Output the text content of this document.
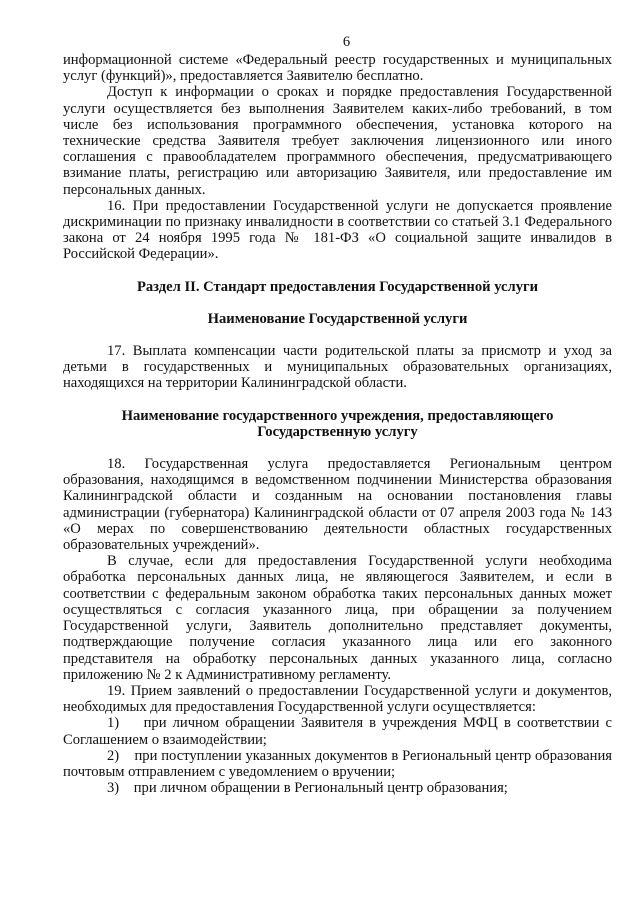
6

информационной системе «Федеральный реестр государственных и муниципальных услуг (функций)», предоставляется Заявителю бесплатно.

Доступ к информации о сроках и порядке предоставления Государственной услуги осуществляется без выполнения Заявителем каких-либо требований, в том числе без использования программного обеспечения, установка которого на технические средства Заявителя требует заключения лицензионного или иного соглашения с правообладателем программного обеспечения, предусматривающего взимание платы, регистрацию или авторизацию Заявителя, или предоставление им персональных данных.

16. При предоставлении Государственной услуги не допускается проявление дискриминации по признаку инвалидности в соответствии со статьей 3.1 Федерального закона от 24 ноября 1995 года № 181-ФЗ «О социальной защите инвалидов в Российской Федерации».

Раздел II. Стандарт предоставления Государственной услуги
Наименование Государственной услуги

17. Выплата компенсации части родительской платы за присмотр и уход за детьми в государственных и муниципальных образовательных организациях, находящихся на территории Калининградской области.

Наименование государственного учреждения, предоставляющего
Государственную услугу

18. Государственная услуга предоставляется Региональным центром образования, находящимся в ведомственном подчинении Министерства образования Калининградской области и созданным на основании постановления главы администрации (губернатора) Калининградской области от 07 апреля 2003 года № 143 «О мерах по совершенствованию деятельности областных государственных образовательных учреждений».

В случае, если для предоставления Государственной услуги необходима обработка персональных данных лица, не являющегося Заявителем, и если в соответствии с федеральным законом обработка таких персональных данных может осуществляться с согласия указанного лица, при обращении за получением Государственной услуги, Заявитель дополнительно представляет документы, подтверждающие получение согласия указанного лица или его законного представителя на обработку персональных данных указанного лица, согласно приложению № 2 к Административному регламенту.

19. Прием заявлений о предоставлении Государственной услуги и документов, необходимых для предоставления Государственной услуги осуществляется:

1)    при личном обращении Заявителя в учреждения МФЦ в соответствии с Соглашением о взаимодействии;

2)    при поступлении указанных документов в Региональный центр образования почтовым отправлением с уведомлением о вручении;

3)    при личном обращении в Региональный центр образования;
